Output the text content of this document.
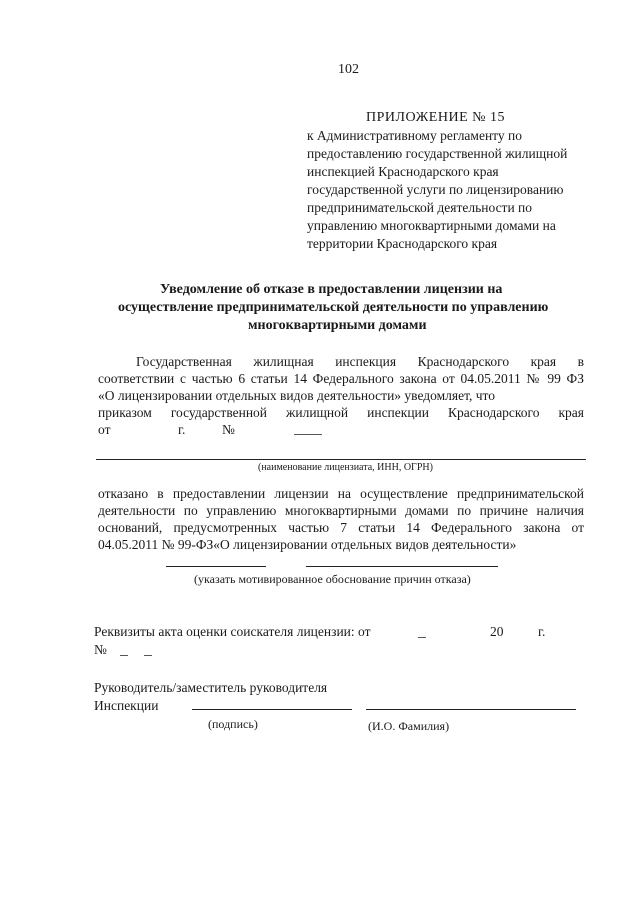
102

ПРИЛОЖЕНИЕ № 15

к Административному регламенту по

предоставлению государственной жилищной

инспекцией Краснодарского края

государственной услуги по лицензированию

предпринимательской деятельности по

управлению многоквартирными домами на

территории Краснодарского края

Уведомление об отказе в предоставлении лицензии на

осуществление предпринимательской деятельности по управлению

многоквартирными домами

Государственная жилищная инспекция Краснодарского края в

соответствии с частью 6 статьи 14 Федерального закона от 04.05.2011 № 99 ФЗ

«О лицензировании отдельных видов деятельности» уведомляет, что

приказом государственной жилищной инспекции Краснодарского края

от	г.	№

(наименование лицензиата, ИНН, ОГРН)

отказано в предоставлении лицензии на осуществление предпринимательской

деятельности по управлению многоквартирными домами по причине наличия

оснований, предусмотренных частью 7 статьи 14 Федерального закона от

04.05.2011 № 99-ФЗ«О лицензировании отдельных видов деятельности»

(указать мотивированное обоснование причин отказа)

Реквизиты акта оценки соискателя лицензии: от	20	г.

№

Руководитель/заместитель руководителя

Инспекции

(подпись)	(И.О. Фамилия)
